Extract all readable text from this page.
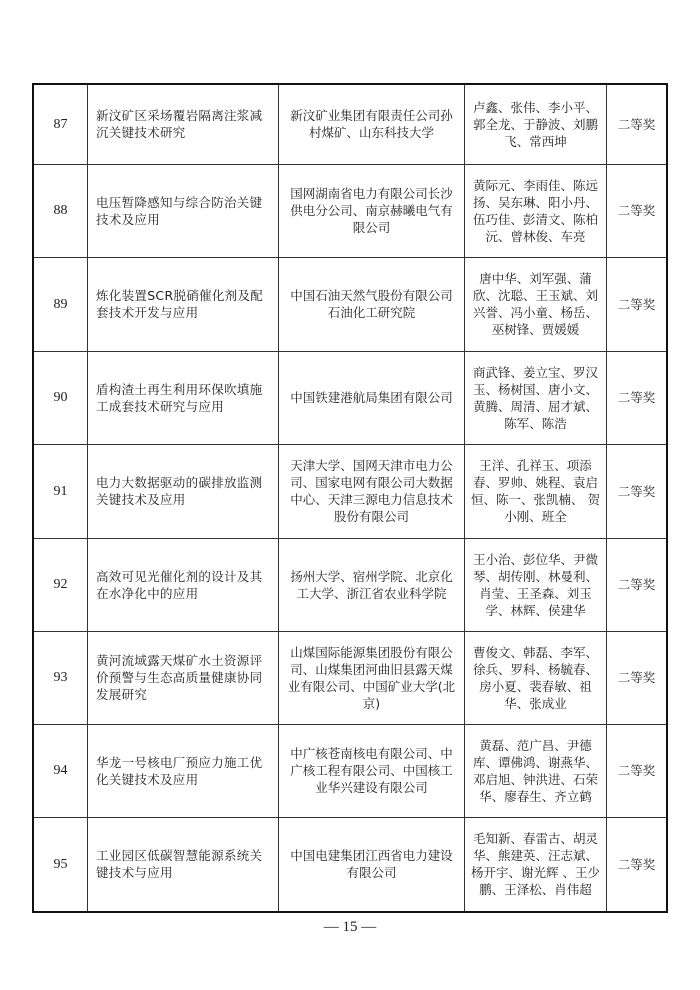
87	新汶矿区采场覆岩隔离注浆减沉关键技术研究	新汶矿业集团有限责任公司孙村煤矿、山东科技大学	卢鑫、张伟、李小平、郭全龙、于静波、刘鹏飞、常西坤	二等奖
88	电压暂降感知与综合防治关键技术及应用	国网湖南省电力有限公司长沙供电分公司、南京赫曦电气有限公司	黄际元、李雨佳、陈远扬、吴东琳、阳小丹、伍巧佳、彭清文、陈柏沅、曾林俊、车亮	二等奖
89	炼化装置SCR脱硝催化剂及配套技术开发与应用	中国石油天然气股份有限公司石油化工研究院	唐中华、刘军强、蒲欣、沈聪、王玉斌、刘兴誉、冯小童、杨岳、巫树锋、贾媛媛	二等奖
90	盾构渣土再生利用环保吹填施工成套技术研究与应用	中国铁建港航局集团有限公司	商武锋、姜立宝、罗汉玉、杨树国、唐小文、黄腾、周清、屈才斌、陈军、陈浩	二等奖
91	电力大数据驱动的碳排放监测关键技术及应用	天津大学、国网天津市电力公司、国家电网有限公司大数据中心、天津三源电力信息技术股份有限公司	王洋、孔祥玉、项添春、罗帅、姚程、袁启恒、陈一、张凯楠、 贺小刚、班全	二等奖
92	高效可见光催化剂的设计及其在水净化中的应用	扬州大学、宿州学院、北京化工大学、浙江省农业科学院	王小治、彭位华、尹微琴、胡传刚、林曼利、肖莹、王圣森、刘玉学、林辉、侯建华	二等奖
93	黄河流域露天煤矿水土资源评价预警与生态高质量健康协同发展研究	山煤国际能源集团股份有限公司、山煤集团河曲旧县露天煤业有限公司、中国矿业大学(北京)	曹俊文、韩磊、李军、徐兵、罗科、杨毓春、房小夏、裴春敏、祖华、张成业	二等奖
94	华龙一号核电厂预应力施工优化关键技术及应用	中广核苍南核电有限公司、中广核工程有限公司、中国核工业华兴建设有限公司	黄磊、范广昌、尹德库、谭佛鸿、谢燕华、邓启旭、钟洪进、石荣华、廖春生、齐立鹤	二等奖
95	工业园区低碳智慧能源系统关键技术与应用	中国电建集团江西省电力建设有限公司	毛知新、春雷古、胡灵华、熊建英、汪志斌、杨开宇、谢光辉 、王少鹏、王泽松、肖伟超	二等奖
— 15 —
